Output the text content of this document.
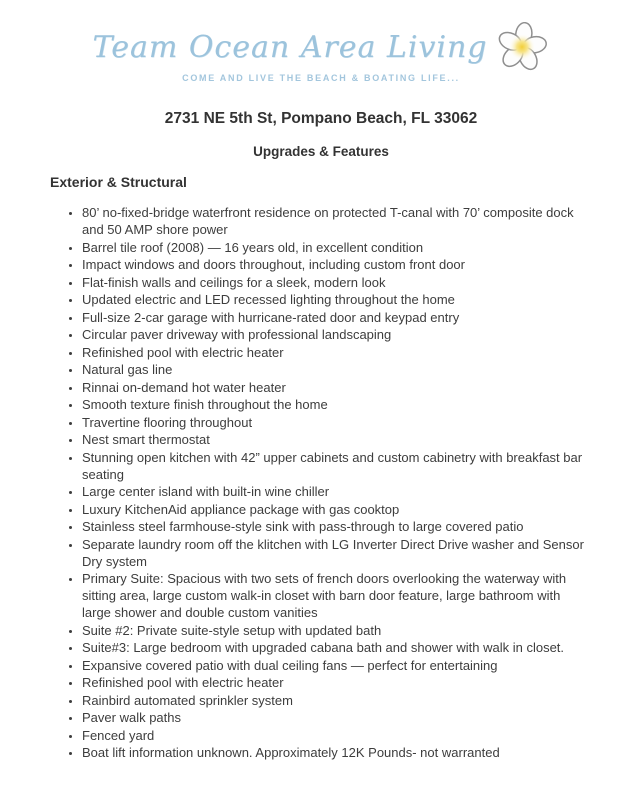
Team Ocean Area Living
COME AND LIVE THE BEACH & BOATING LIFE...
2731 NE 5th St, Pompano Beach, FL 33062
Upgrades & Features
Exterior & Structural
• 80’ no-fixed-bridge waterfront residence on protected T-canal with 70’ composite dock and 50 AMP shore power
• Barrel tile roof (2008) — 16 years old, in excellent condition
• Impact windows and doors throughout, including custom front door
• Flat-finish walls and ceilings for a sleek, modern look
• Updated electric and LED recessed lighting throughout the home
• Full-size 2-car garage with hurricane-rated door and keypad entry
• Circular paver driveway with professional landscaping
• Refinished pool with electric heater
• Natural gas line
• Rinnai on-demand hot water heater
• Smooth texture finish throughout the home
• Travertine flooring throughout
• Nest smart thermostat
• Stunning open kitchen with 42” upper cabinets and custom cabinetry with breakfast bar seating
• Large center island with built-in wine chiller
• Luxury KitchenAid appliance package with gas cooktop
• Stainless steel farmhouse-style sink with pass-through to large covered patio
• Separate laundry room off the klitchen with LG Inverter Direct Drive washer and Sensor Dry system
• Primary Suite: Spacious with two sets of french doors overlooking the waterway with sitting area, large custom walk-in closet with barn door feature, large bathroom with large shower and double custom vanities
• Suite #2: Private suite-style setup with updated bath
• Suite#3: Large bedroom with upgraded cabana bath and shower with walk in closet.
• Expansive covered patio with dual ceiling fans — perfect for entertaining
• Refinished pool with electric heater
• Rainbird automated sprinkler system
• Paver walk paths
• Fenced yard
• Boat lift information unknown. Approximately 12K Pounds- not warranted
